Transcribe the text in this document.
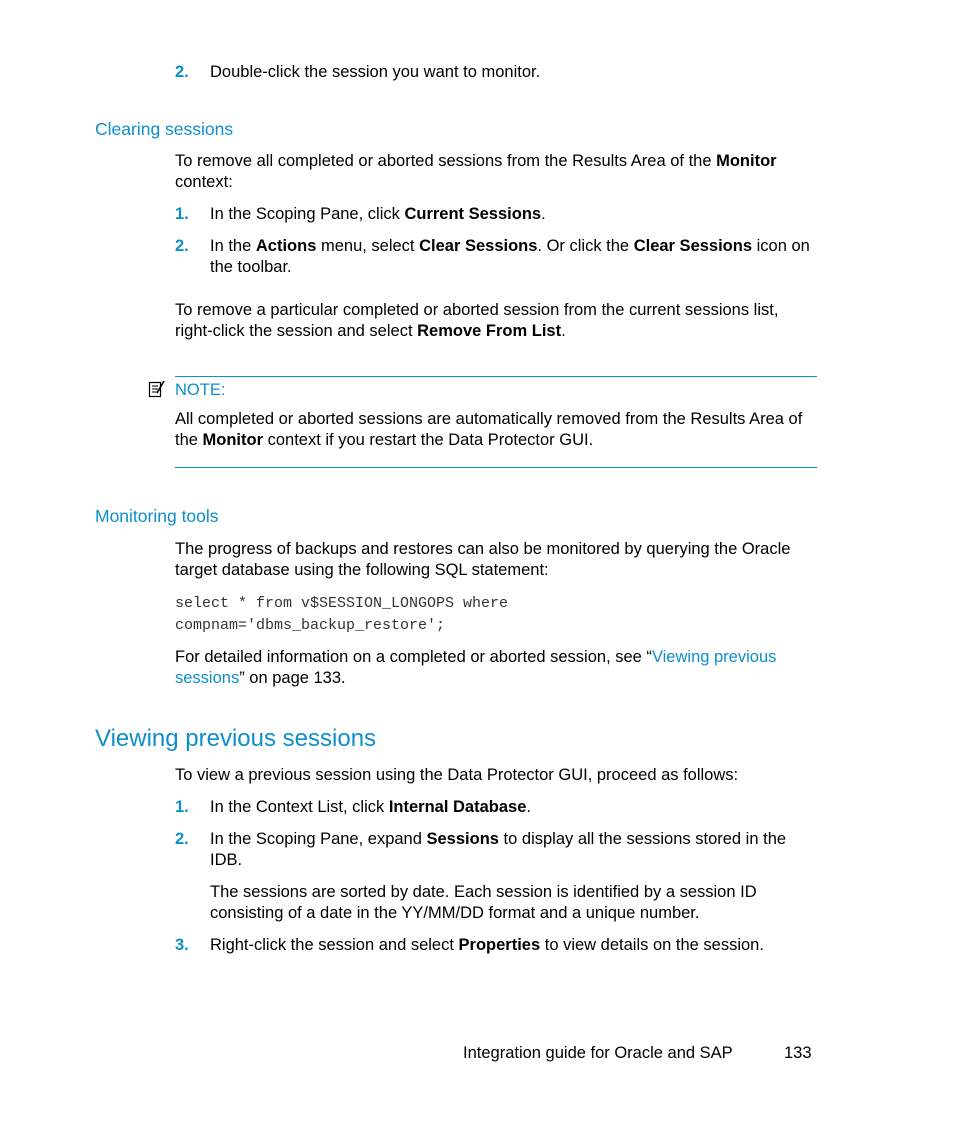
2.	Double-click the session you want to monitor.
Clearing sessions
To remove all completed or aborted sessions from the Results Area of the Monitor
context:
1.	In the Scoping Pane, click Current Sessions.
2.	In the Actions menu, select Clear Sessions. Or click the Clear Sessions icon on
the toolbar.
To remove a particular completed or aborted session from the current sessions list,
right-click the session and select Remove From List.
NOTE:
All completed or aborted sessions are automatically removed from the Results Area of
the Monitor context if you restart the Data Protector GUI.
Monitoring tools
The progress of backups and restores can also be monitored by querying the Oracle
target database using the following SQL statement:
select * from v$SESSION_LONGOPS where
compnam='dbms_backup_restore';
For detailed information on a completed or aborted session, see “Viewing previous
sessions” on page 133.
Viewing previous sessions
To view a previous session using the Data Protector GUI, proceed as follows:
1.	In the Context List, click Internal Database.
2.	In the Scoping Pane, expand Sessions to display all the sessions stored in the
IDB.
The sessions are sorted by date. Each session is identified by a session ID
consisting of a date in the YY/MM/DD format and a unique number.
3.	Right-click the session and select Properties to view details on the session.
Integration guide for Oracle and SAP	133
